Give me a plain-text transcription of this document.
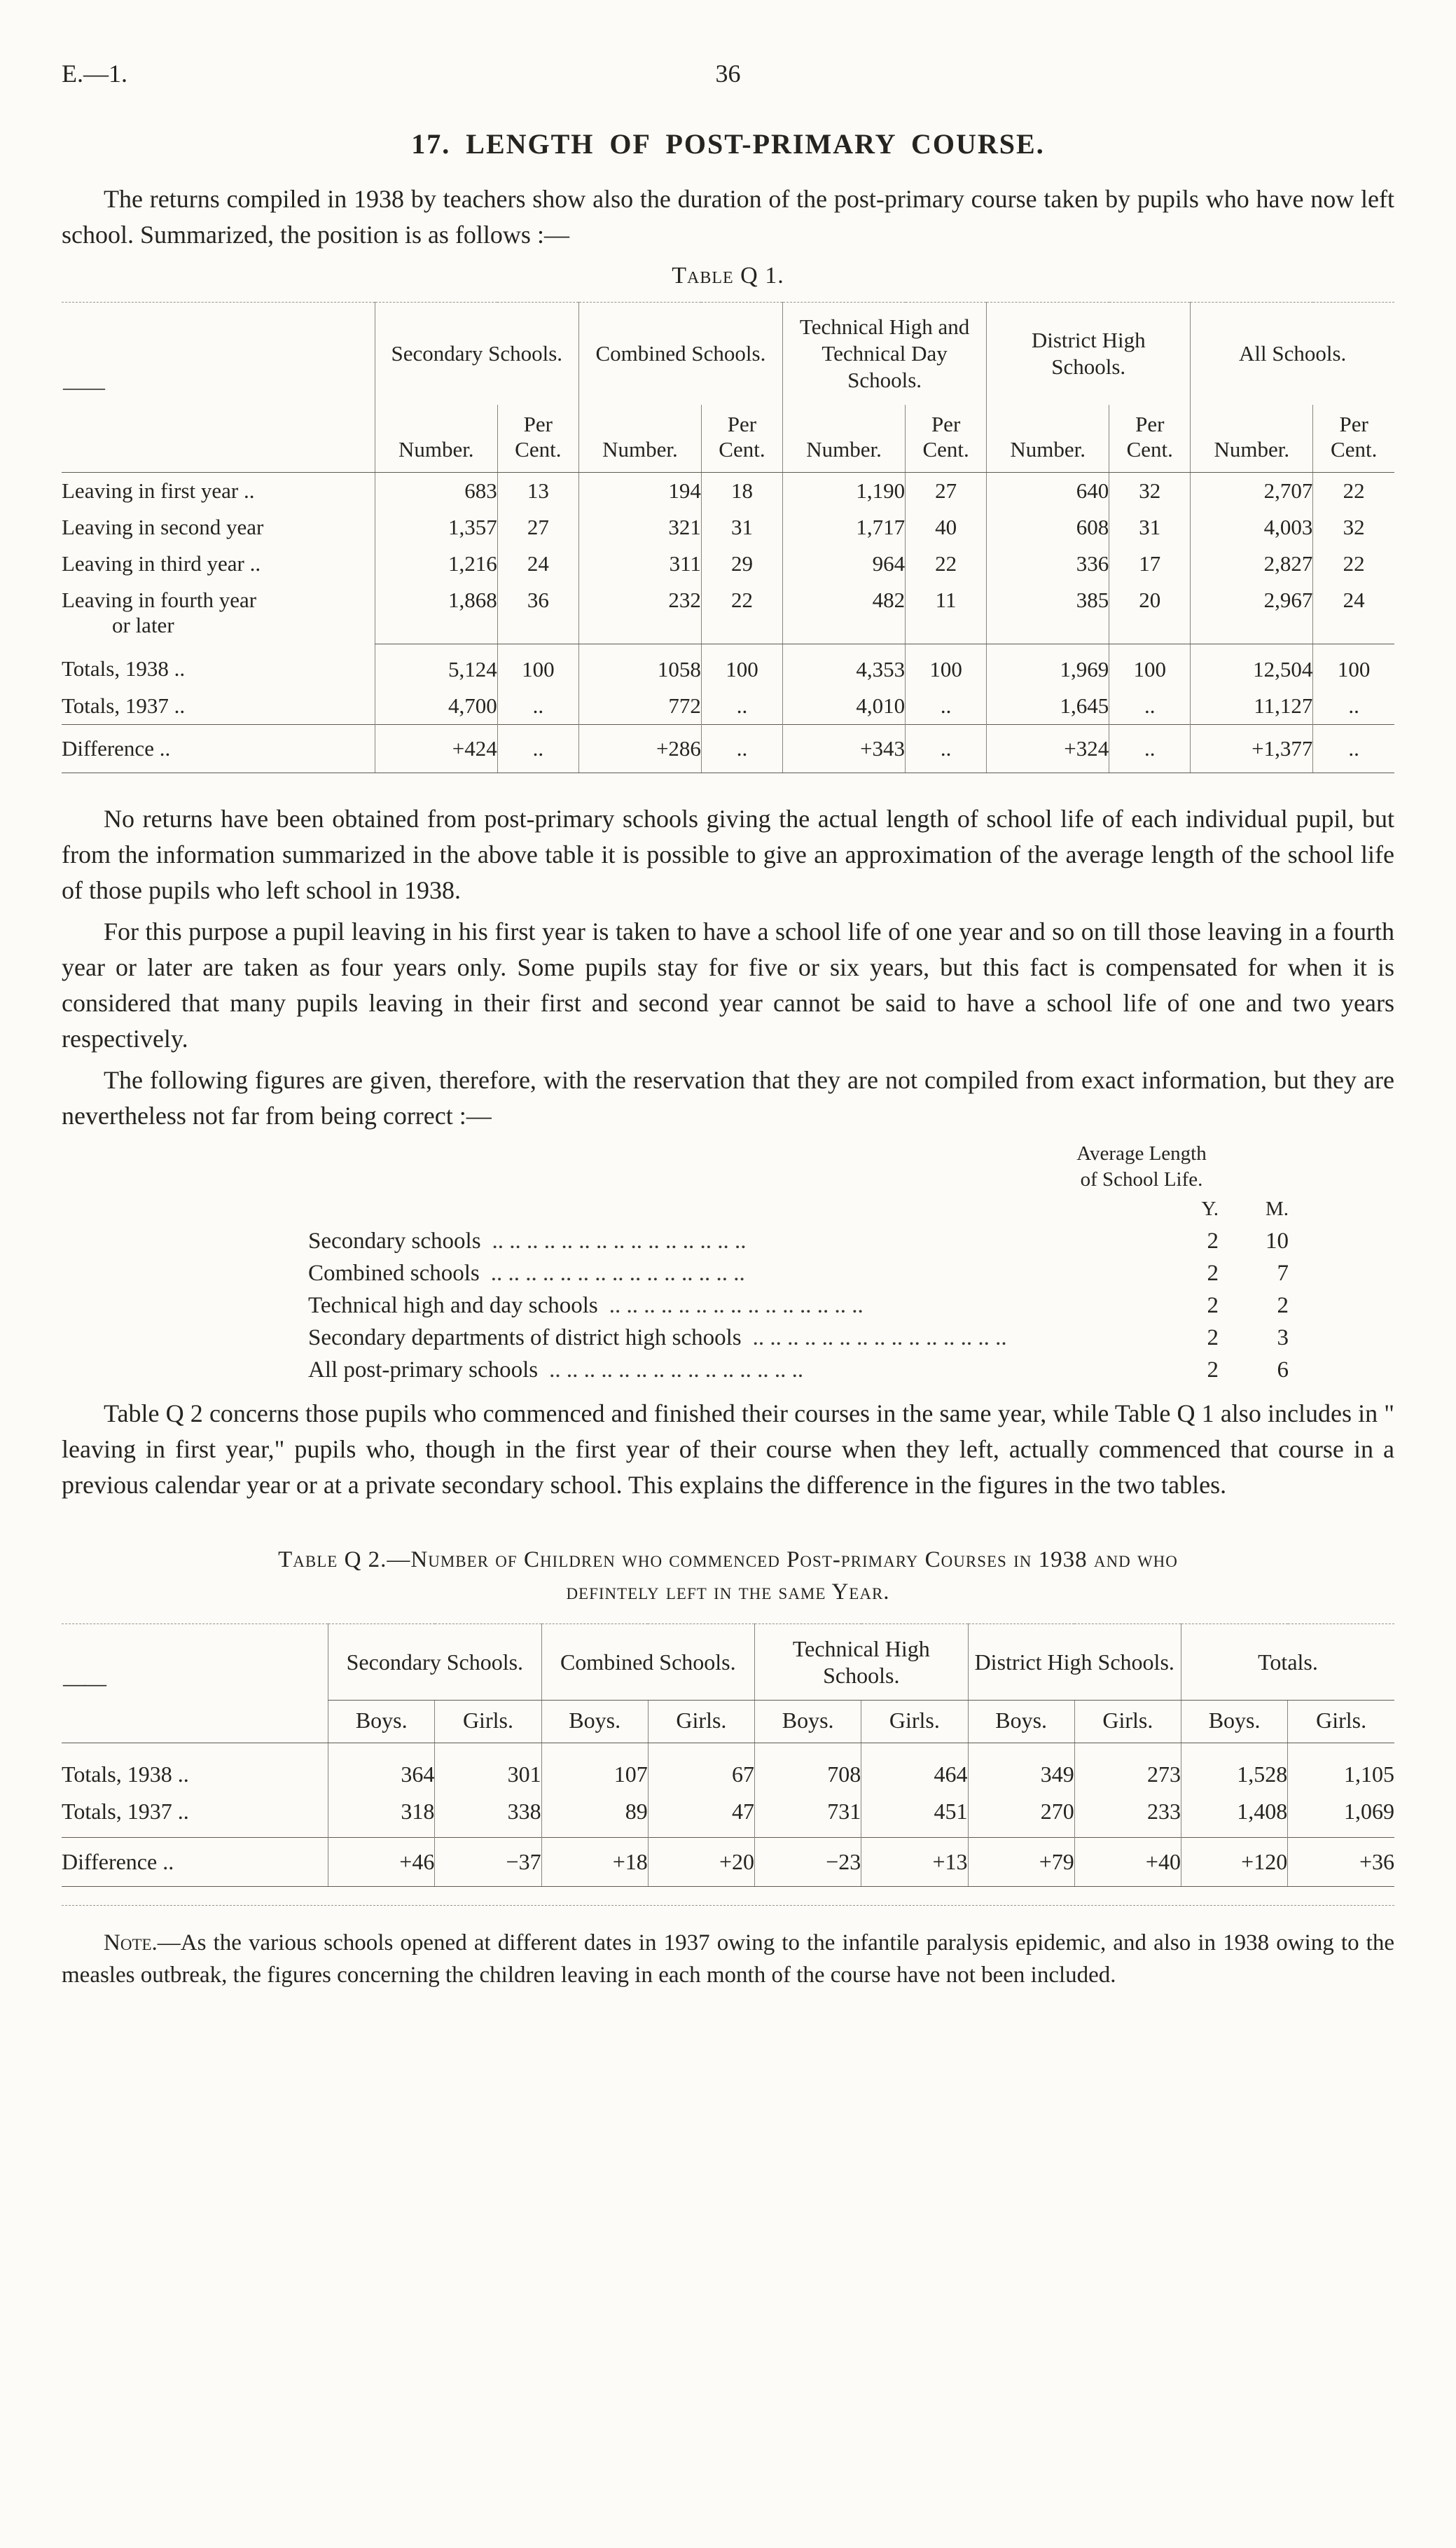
E.—1.	36
17. LENGTH OF POST-PRIMARY COURSE.

The returns compiled in 1938 by teachers show also the duration of the post-primary course taken by pupils who have now left school. Summarized, the position is as follows :—

Table Q 1.
——	Secondary Schools.		Combined Schools.		Technical High and Technical Day Schools.		District High Schools.		All Schools.	
	Number.	Per Cent.	Number.	Per Cent.	Number.	Per Cent.	Number.	Per Cent.	Number.	Per Cent.
Leaving in first year ..	683	13	194	18	1,190	27	640	32	2,707	22
Leaving in second year	1,357	27	321	31	1,717	40	608	31	4,003	32
Leaving in third year ..	1,216	24	311	29	964	22	336	17	2,827	22

Leaving in fourth year
or later	1,868	36	232	22	482	11	385	20	2,967	24
Totals, 1938 ..	5,124	100	1058	100	4,353	100	1,969	100	12,504	100
Totals, 1937 ..	4,700	..	772	..	4,010	..	1,645	..	11,127	..
Difference ..	+424	..	+286	..	+343	..	+324	..	+1,377	..

No returns have been obtained from post-primary schools giving the actual length of school life of each individual pupil, but from the information summarized in the above table it is possible to give an approximation of the average length of the school life of those pupils who left school in 1938.

For this purpose a pupil leaving in his first year is taken to have a school life of one year and so on till those leaving in a fourth year or later are taken as four years only. Some pupils stay for five or six years, but this fact is compensated for when it is considered that many pupils leaving in their first and second year cannot be said to have a school life of one and two years respectively.

The following figures are given, therefore, with the reservation that they are not compiled from exact information, but they are nevertheless not far from being correct :—

Average Length
of School Life.
Y.	M.
Secondary schools .. .. .. .. .. .. .. .. .. .. .. .. .. .. ..	2	10
Combined schools .. .. .. .. .. .. .. .. .. .. .. .. .. .. ..	2	7
Technical high and day schools .. .. .. .. .. .. .. .. .. .. .. .. .. .. ..	2	2
Secondary departments of district high schools .. .. .. .. .. .. .. .. .. .. .. .. .. .. ..	2	3
All post-primary schools .. .. .. .. .. .. .. .. .. .. .. .. .. .. ..	2	6

Table Q 2 concerns those pupils who commenced and finished their courses in the same year, while Table Q 1 also includes in " leaving in first year," pupils who, though in the first year of their course when they left, actually commenced that course in a previous calendar year or at a private secondary school. This explains the difference in the figures in the two tables.

Table Q 2.—Number of Children who commenced Post-primary Courses in 1938 and who
defintely left in the same Year.
——	Secondary Schools.		Combined Schools.		Technical High Schools.		District High Schools.		Totals.	
	Boys.	Girls.	Boys.	Girls.	Boys.	Girls.	Boys.	Girls.	Boys.	Girls.
Totals, 1938 ..	364	301	107	67	708	464	349	273	1,528	1,105
Totals, 1937 ..	318	338	89	47	731	451	270	233	1,408	1,069
Difference ..	+46	−37	+18	+20	−23	+13	+79	+40	+120	+36

Note.—As the various schools opened at different dates in 1937 owing to the infantile paralysis epidemic, and also in 1938 owing to the measles outbreak, the figures concerning the children leaving in each month of the course have not been included.
